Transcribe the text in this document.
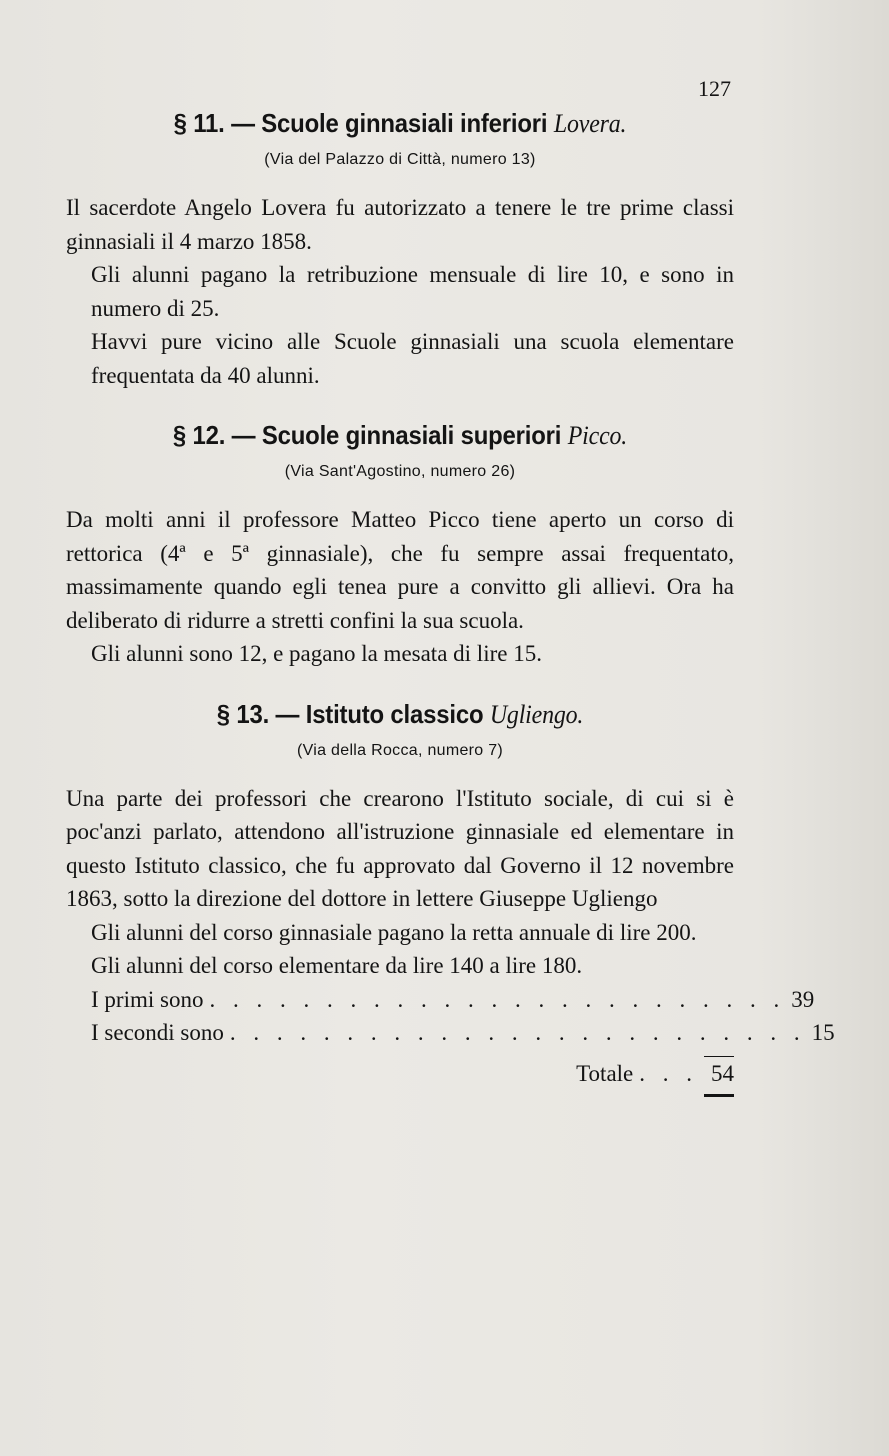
127

§ 11. — Scuole ginnasiali inferiori Lovera.
(Via del Palazzo di Città, numero 13)

Il sacerdote Angelo Lovera fu autorizzato a tenere le tre prime classi ginnasiali il 4 marzo 1858.

Gli alunni pagano la retribuzione mensuale di lire 10, e sono in numero di 25.

Havvi pure vicino alle Scuole ginnasiali una scuola elementare frequentata da 40 alunni.

§ 12. — Scuole ginnasiali superiori Picco.
(Via Sant'Agostino, numero 26)

Da molti anni il professore Matteo Picco tiene aperto un corso di rettorica (4ª e 5ª ginnasiale), che fu sempre assai frequentato, massimamente quando egli tenea pure a convitto gli allievi. Ora ha deliberato di ridurre a stretti confini la sua scuola.

Gli alunni sono 12, e pagano la mesata di lire 15.

§ 13. — Istituto classico Ugliengo.
(Via della Rocca, numero 7)

Una parte dei professori che crearono l'Istituto sociale, di cui si è poc'anzi parlato, attendono all'istruzione ginnasiale ed elementare in questo Istituto classico, che fu approvato dal Governo il 12 novembre 1863, sotto la direzione del dottore in lettere Giuseppe Ugliengo

Gli alunni del corso ginnasiale pagano la retta annuale di lire 200.

Gli alunni del corso elementare da lire 140 a lire 180.

I primi sono . . . . . . . . . . . . . . . . . . . . . . . . . 39
I secondi sono . . . . . . . . . . . . . . . . . . . . . . . . . 15
Totale . . . 54
